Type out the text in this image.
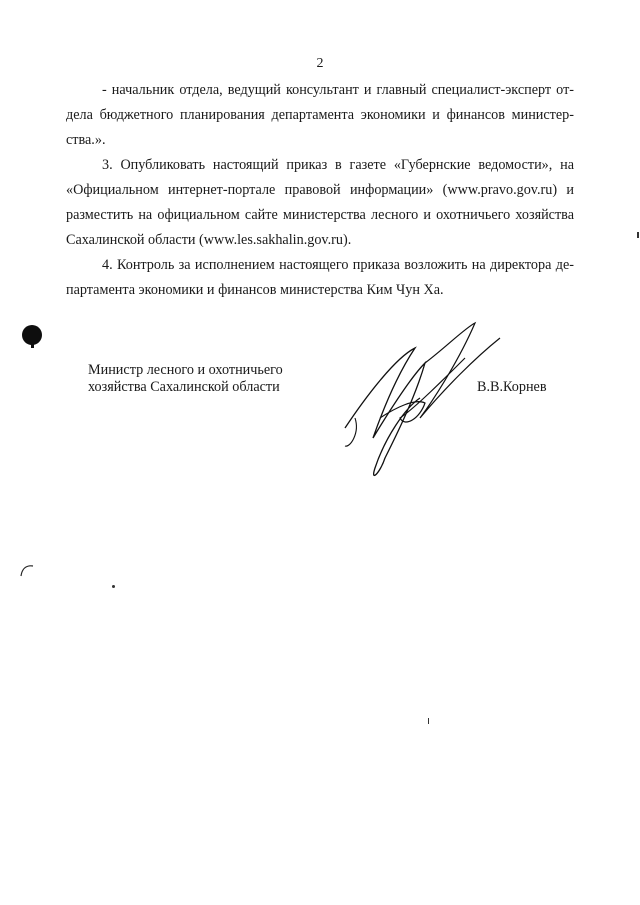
2
- начальник отдела, ведущий консультант и главный специалист-эксперт от-
дела бюджетного планирования департамента экономики и финансов министер-
ства.».
3. Опубликовать настоящий приказ в газете «Губернские ведомости», на
«Официальном интернет-портале правовой информации» (www.pravo.gov.ru) и
разместить на официальном сайте министерства лесного и охотничьего хозяйства
Сахалинской области (www.les.sakhalin.gov.ru).
4. Контроль за исполнением настоящего приказа возложить на директора де-
партамента экономики и финансов министерства Ким Чун Ха.
Министр лесного и охотничьего
хозяйства Сахалинской области	В.В.Корнев
